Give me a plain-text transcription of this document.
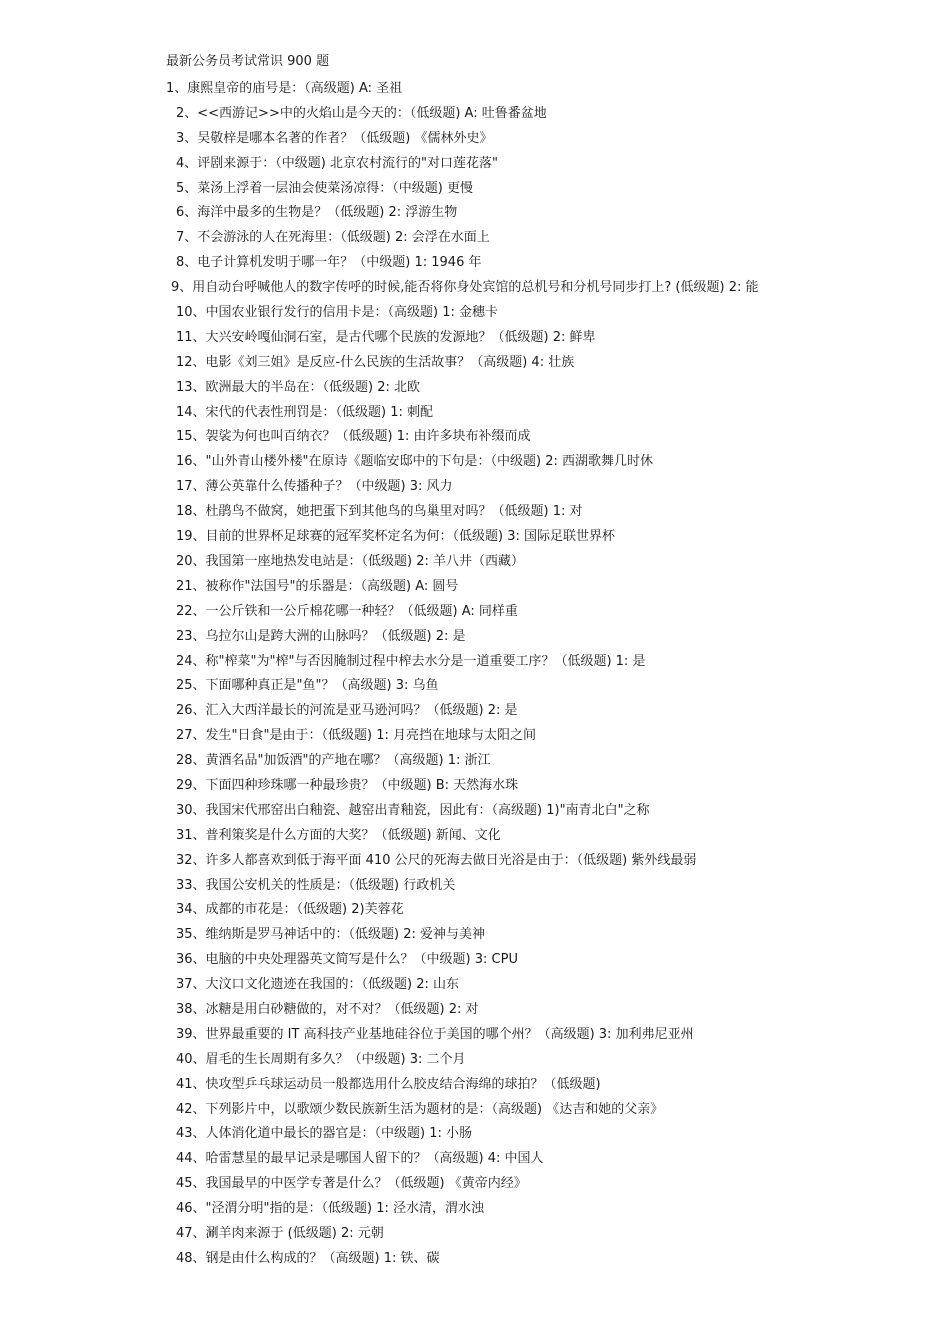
最新公务员考试常识 900 题
1、康熙皇帝的庙号是：（高级题) A: 圣祖
2、<<西游记>>中的火焰山是今天的：（低级题) A: 吐鲁番盆地
3、吴敬梓是哪本名著的作者？（低级题) 《儒林外史》
4、评剧来源于：（中级题) 北京农村流行的"对口莲花落"
5、菜汤上浮着一层油会使菜汤凉得：（中级题) 更慢
6、海洋中最多的生物是？（低级题) 2: 浮游生物
7、不会游泳的人在死海里：（低级题) 2: 会浮在水面上
8、电子计算机发明于哪一年？（中级题) 1: 1946 年
9、用自动台呼喊他人的数字传呼的时候,能否将你身处宾馆的总机号和分机号同步打上? (低级题) 2: 能
10、中国农业银行发行的信用卡是：（高级题) 1: 金穗卡
11、大兴安岭嘎仙洞石室，是古代哪个民族的发源地？（低级题) 2: 鲜卑
12、电影《刘三姐》是反应-什么民族的生活故事？（高级题) 4: 壮族
13、欧洲最大的半岛在：（低级题) 2: 北欧
14、宋代的代表性刑罚是：（低级题) 1: 刺配
15、袈裟为何也叫百纳衣？（低级题) 1: 由许多块布补缀而成
16、"山外青山楼外楼"在原诗《题临安邸中的下句是：（中级题) 2: 西湖歌舞几时休
17、薄公英靠什么传播种子？（中级题) 3: 风力
18、杜鹃鸟不做窝，她把蛋下到其他鸟的鸟巢里对吗？（低级题) 1: 对
19、目前的世界杯足球赛的冠军奖杯定名为何：（低级题) 3: 国际足联世界杯
20、我国第一座地热发电站是：（低级题) 2: 羊八井（西藏）
21、被称作"法国号"的乐器是：（高级题) A: 圆号
22、一公斤铁和一公斤棉花哪一种轻？（低级题) A: 同样重
23、乌拉尔山是跨大洲的山脉吗？（低级题) 2: 是
24、称"榨菜"为"榨"与否因腌制过程中榨去水分是一道重要工序？（低级题) 1: 是
25、下面哪种真正是"鱼"？（高级题) 3: 乌鱼
26、汇入大西洋最长的河流是亚马逊河吗？（低级题) 2: 是
27、发生"日食"是由于：（低级题) 1: 月亮挡在地球与太阳之间
28、黄酒名品"加饭酒"的产地在哪？（高级题) 1: 浙江
29、下面四种珍珠哪一种最珍贵？（中级题) B: 天然海水珠
30、我国宋代邢窑出白釉瓷、越窑出青釉瓷，因此有：（高级题) 1)"南青北白"之称
31、普利策奖是什么方面的大奖？（低级题) 新闻、文化
32、许多人都喜欢到低于海平面 410 公尺的死海去做日光浴是由于：（低级题) 紫外线最弱
33、我国公安机关的性质是：（低级题) 行政机关
34、成都的市花是：（低级题) 2)芙蓉花
35、维纳斯是罗马神话中的：（低级题) 2: 爱神与美神
36、电脑的中央处理器英文简写是什么？（中级题) 3: CPU
37、大汶口文化遗迹在我国的：（低级题) 2: 山东
38、冰糖是用白砂糖做的，对不对？（低级题) 2: 对
39、世界最重要的 IT 高科技产业基地硅谷位于美国的哪个州？（高级题) 3: 加利弗尼亚州
40、眉毛的生长周期有多久？（中级题) 3: 二个月
41、快攻型乒乓球运动员一般都选用什么胶皮结合海绵的球拍？（低级题)
42、下列影片中，以歌颂少数民族新生活为题材的是：（高级题) 《达吉和她的父亲》
43、人体消化道中最长的器官是：（中级题) 1: 小肠
44、哈雷慧星的最早记录是哪国人留下的？（高级题) 4: 中国人
45、我国最早的中医学专著是什么？（低级题) 《黄帝内经》
46、"泾渭分明"指的是：（低级题) 1: 泾水清，渭水浊
47、涮羊肉来源于 (低级题) 2: 元朝
48、钢是由什么构成的？（高级题) 1: 铁、碳
